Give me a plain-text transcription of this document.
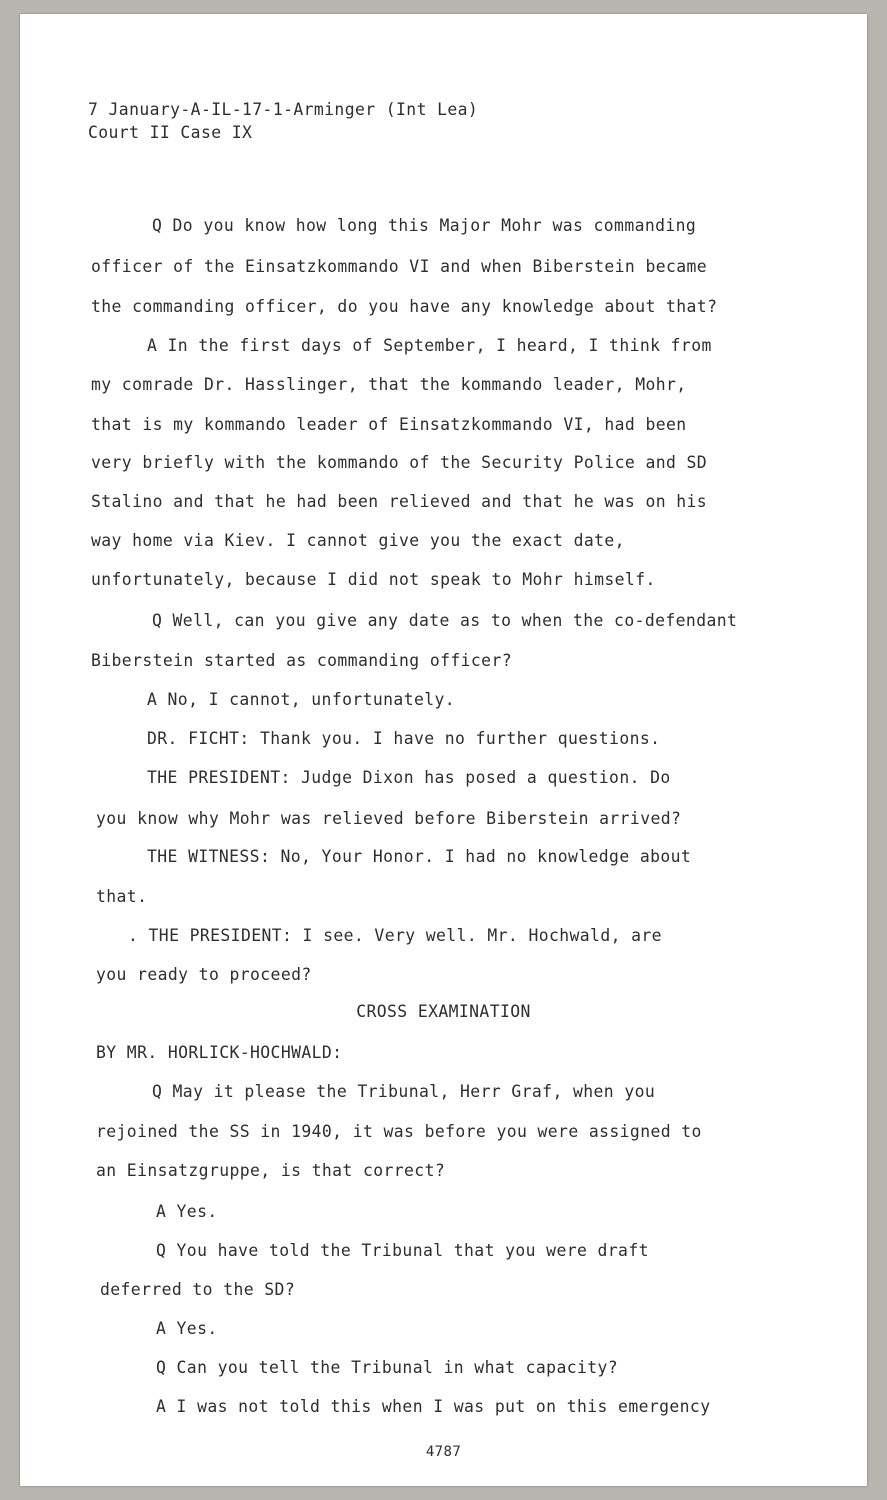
7 January-A-IL-17-1-Arminger (Int Lea)
Court II Case IX
Q Do you know how long this Major Mohr was commanding
officer of the Einsatzkommando VI and when Biberstein became
the commanding officer, do you have any knowledge about that?
A In the first days of September, I heard, I think from
my comrade Dr. Hasslinger, that the kommando leader, Mohr,
that is my kommando leader of Einsatzkommando VI, had been
very briefly with the kommando of the Security Police and SD
Stalino and that he had been relieved and that he was on his
way home via Kiev. I cannot give you the exact date,
unfortunately, because I did not speak to Mohr himself.
Q Well, can you give any date as to when the co-defendant
Biberstein started as commanding officer?
A No, I cannot, unfortunately.
DR. FICHT: Thank you. I have no further questions.
THE PRESIDENT: Judge Dixon has posed a question. Do
you know why Mohr was relieved before Biberstein arrived?
THE WITNESS: No, Your Honor. I had no knowledge about
that.
. THE PRESIDENT: I see. Very well. Mr. Hochwald, are
you ready to proceed?
CROSS EXAMINATION
BY MR. HORLICK-HOCHWALD:
Q May it please the Tribunal, Herr Graf, when you
rejoined the SS in 1940, it was before you were assigned to
an Einsatzgruppe, is that correct?
A Yes.
Q You have told the Tribunal that you were draft
deferred to the SD?
A Yes.
Q Can you tell the Tribunal in what capacity?
A I was not told this when I was put on this emergency
4787
